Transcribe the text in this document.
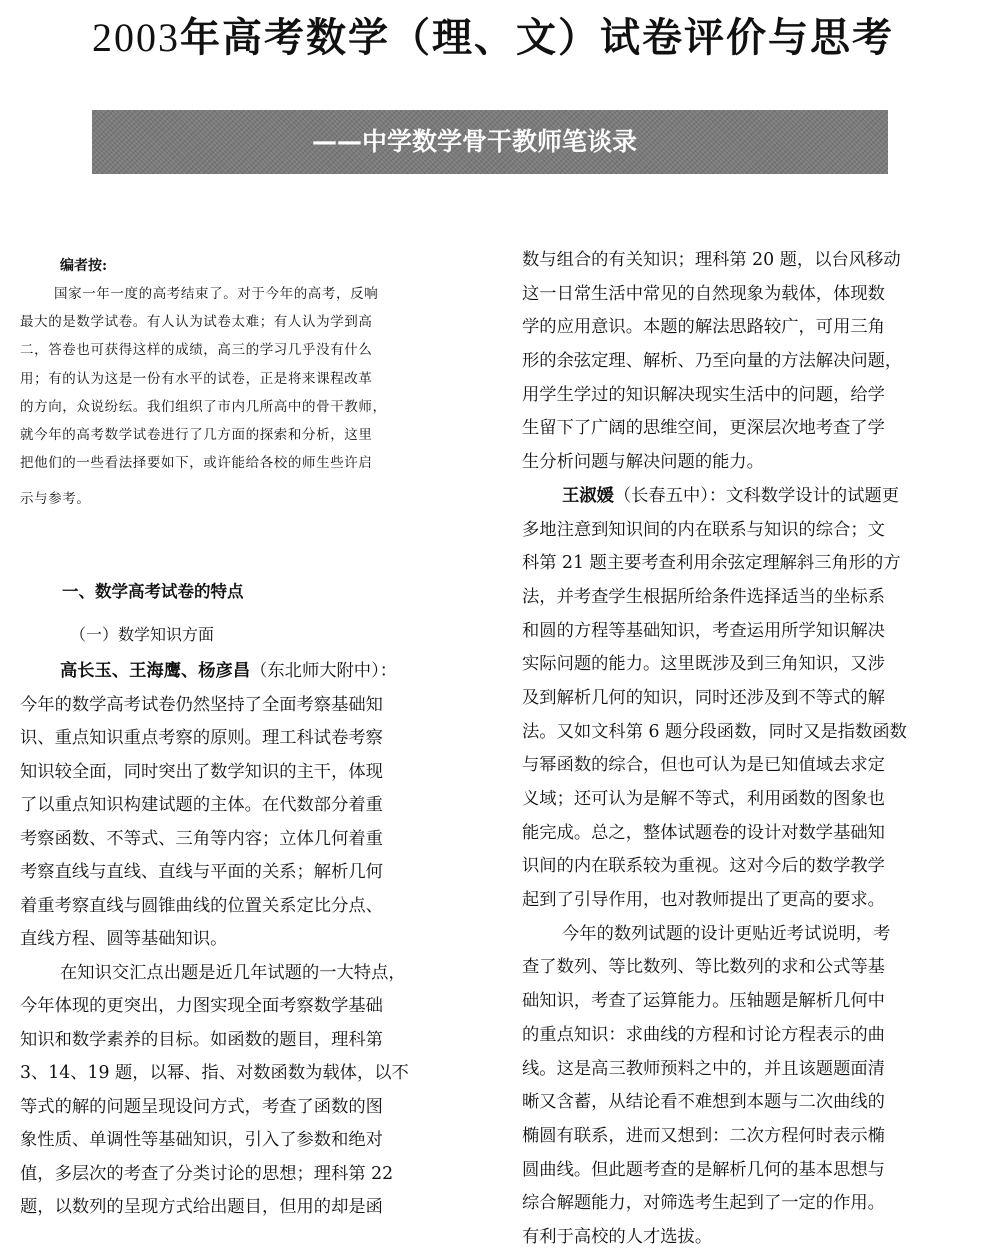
2003年高考数学（理、文）试卷评价与思考
——中学数学骨干教师笔谈录
编者按:
国家一年一度的高考结束了。对于今年的高考，反响
最大的是数学试卷。有人认为试卷太难；有人认为学到高
二，答卷也可获得这样的成绩，高三的学习几乎没有什么
用；有的认为这是一份有水平的试卷，正是将来课程改革
的方向，众说纷纭。我们组织了市内几所高中的骨干教师，
就今年的高考数学试卷进行了几方面的探索和分析，这里
把他们的一些看法择要如下，或许能给各校的师生些许启
示与参考。
一、数学高考试卷的特点
（一）数学知识方面
高长玉、王海鹰、杨彦昌（东北师大附中）：
今年的数学高考试卷仍然坚持了全面考察基础知
识、重点知识重点考察的原则。理工科试卷考察
知识较全面，同时突出了数学知识的主干，体现
了以重点知识构建试题的主体。在代数部分着重
考察函数、不等式、三角等内容；立体几何着重
考察直线与直线、直线与平面的关系；解析几何
着重考察直线与圆锥曲线的位置关系定比分点、
直线方程、圆等基础知识。
在知识交汇点出题是近几年试题的一大特点，
今年体现的更突出，力图实现全面考察数学基础
知识和数学素养的目标。如函数的题目，理科第
3、14、19 题，以幂、指、对数函数为载体，以不
等式的解的问题呈现设问方式，考查了函数的图
象性质、单调性等基础知识，引入了参数和绝对
值，多层次的考查了分类讨论的思想；理科第 22
题，以数列的呈现方式给出题目，但用的却是函
数与组合的有关知识；理科第 20 题，以台风移动
这一日常生活中常见的自然现象为载体，体现数
学的应用意识。本题的解法思路较广，可用三角
形的余弦定理、解析、乃至向量的方法解决问题，
用学生学过的知识解决现实生活中的问题，给学
生留下了广阔的思维空间，更深层次地考查了学
生分析问题与解决问题的能力。
王淑媛（长春五中）：文科数学设计的试题更
多地注意到知识间的内在联系与知识的综合；文
科第 21 题主要考查利用余弦定理解斜三角形的方
法，并考查学生根据所给条件选择适当的坐标系
和圆的方程等基础知识，考查运用所学知识解决
实际问题的能力。这里既涉及到三角知识，又涉
及到解析几何的知识，同时还涉及到不等式的解
法。又如文科第 6 题分段函数，同时又是指数函数
与幂函数的综合，但也可认为是已知值域去求定
义域；还可认为是解不等式，利用函数的图象也
能完成。总之，整体试题卷的设计对数学基础知
识间的内在联系较为重视。这对今后的数学教学
起到了引导作用，也对教师提出了更高的要求。
今年的数列试题的设计更贴近考试说明，考
查了数列、等比数列、等比数列的求和公式等基
础知识，考查了运算能力。压轴题是解析几何中
的重点知识：求曲线的方程和讨论方程表示的曲
线。这是高三教师预料之中的，并且该题题面清
晰又含蓄，从结论看不难想到本题与二次曲线的
椭圆有联系，进而又想到：二次方程何时表示椭
圆曲线。但此题考查的是解析几何的基本思想与
综合解题能力，对筛选考生起到了一定的作用。
有利于高校的人才选拔。
